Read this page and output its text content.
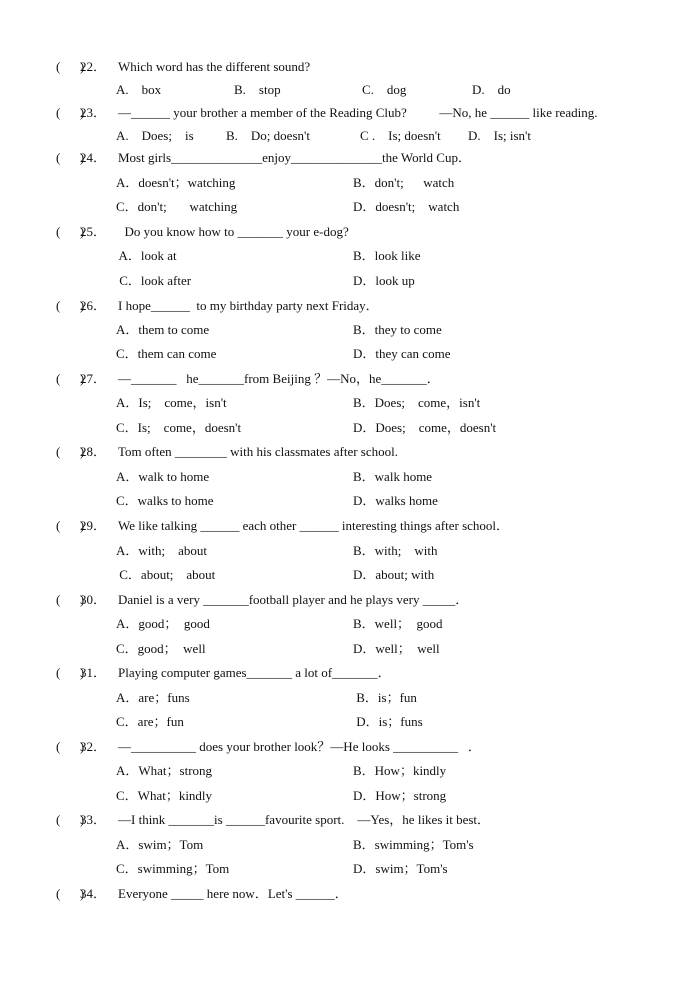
(      )

22．

Which word has the different sound?

A.    box

	B.    stop

	C.    dog

	D.    do

(      )

23．

—______ your brother a member of the Reading Club?          —No, he ______ like reading.

A.    Does;    is

B.    Do; doesn't

	C .    Is; doesn't

D.    Is; isn't

(      )

24．

Most girls______________enjoy______________the World Cup．

A．doesn't；watching

	B．don't;      watch

C．don't;       watching

	D．doesn't;    watch

(      )

25．

Do you know how to _______ your e-dog?

A．look at

	B．look like

C．look after

	D．look up

(      )

26．

I hope______  to my birthday party next Friday．

A．them to come

	B．they to come

C．them can come

	D．they can come

(      )

27．

—_______   he_______from Beijing ？—No，he_______．

A．Is;    come，isn't

	B．Does;    come，isn't

C．Is;    come，doesn't

	D．Does;    come，doesn't

(      )

28．

Tom often ________ with his classmates after school.

A．walk to home

	B．walk home

C．walks to home

	D．walks home

(      )

29．

We like talking ______ each other ______ interesting things after school．

A．with;    about

	B．with;    with

C．about;    about

	D．about; with

(      )

30．

Daniel is a very _______football player and he plays very _____．

A．good；  good

	B．well；  good

C．good；  well

	D．well；  well

(      )

31．

Playing computer games_______ a lot of_______．

A．are；funs

	B．is；fun

C．are；fun

	D．is；funs

(      )

32．

—__________ does your brother look？—He looks __________   ．

A．What；strong

	B．How；kindly

C．What；kindly

	D．How；strong

(      )

33．

—I think _______is ______favourite sport.    —Yes，he likes it best．

A．swim；Tom

	B．swimming；Tom's

C．swimming；Tom

	D．swim；Tom's

(      )

34．

Everyone _____ here now．Let's ______．
